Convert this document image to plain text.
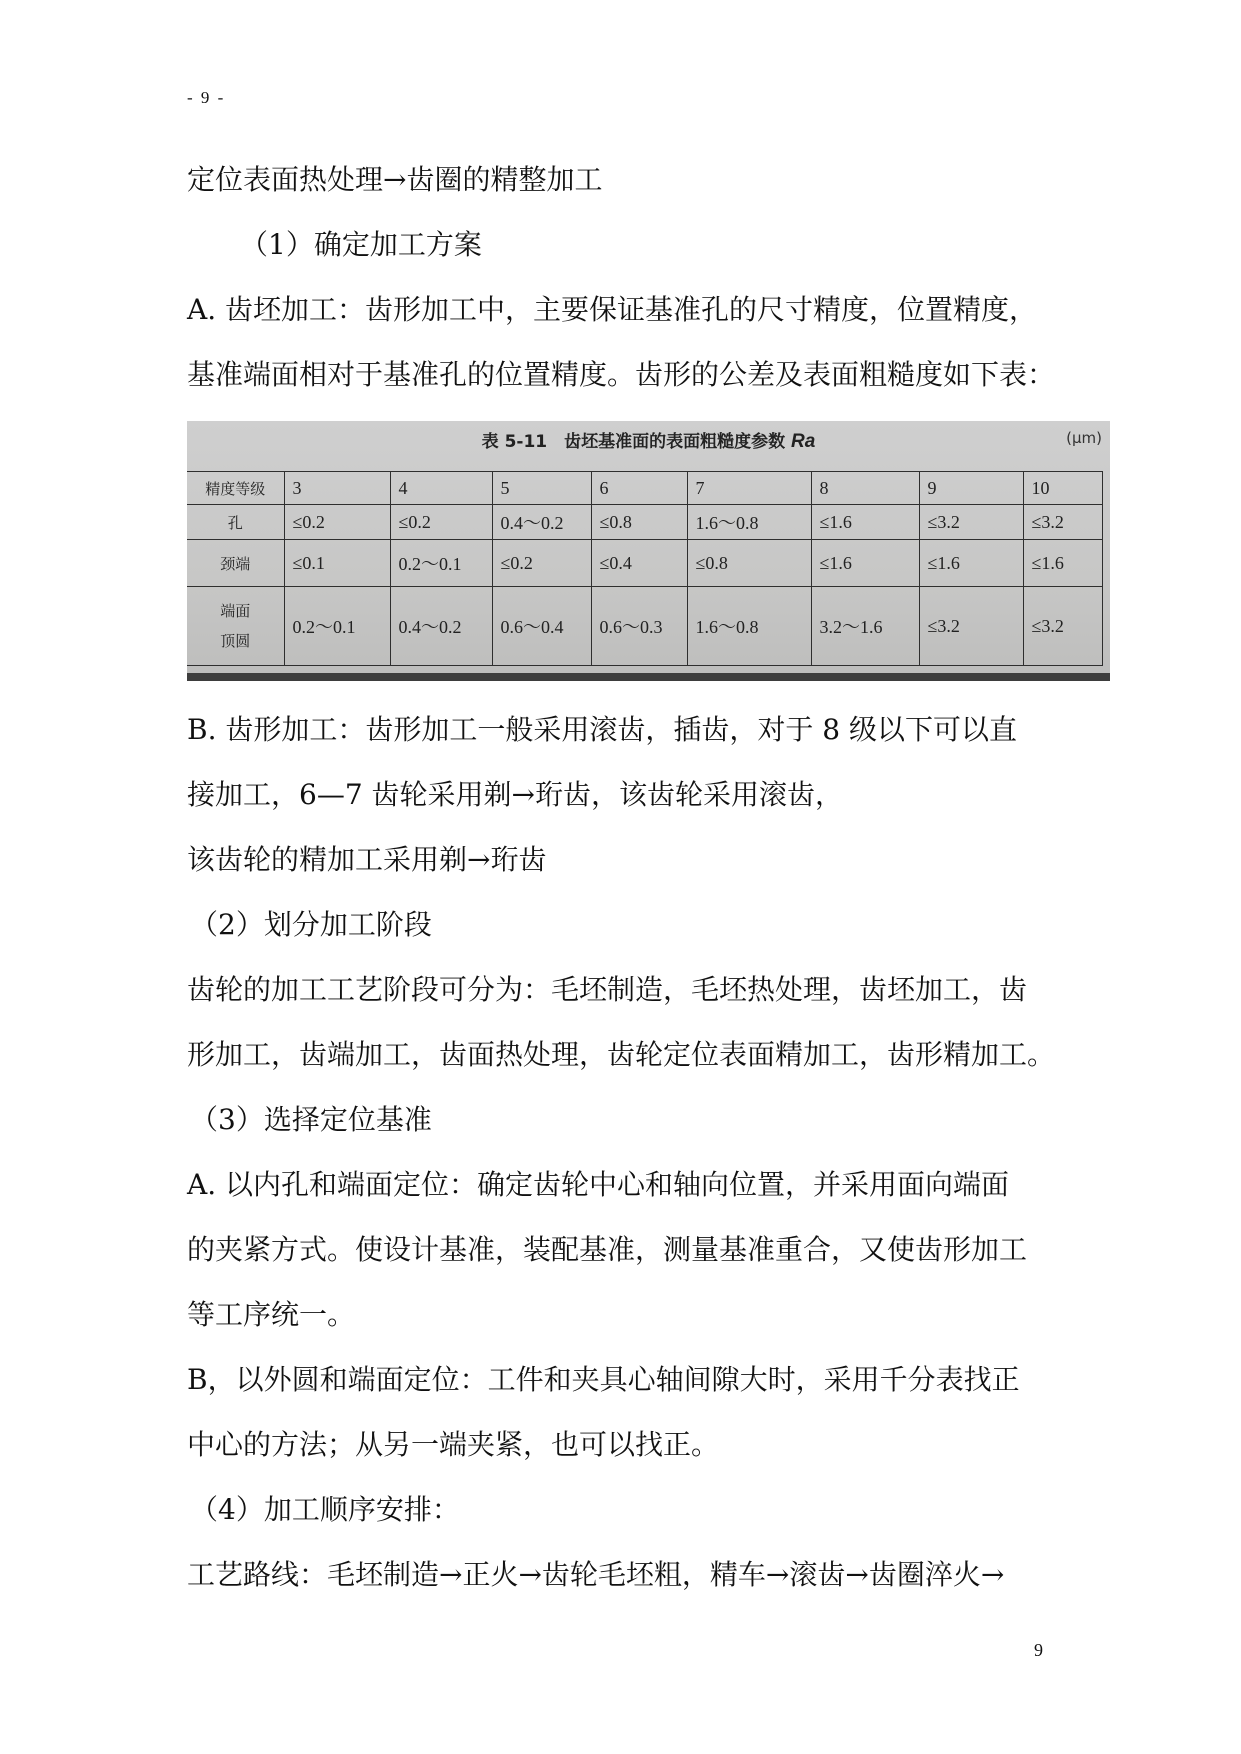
- 9 -

定位表面热处理→齿圈的精整加工

（1）确定加工方案

A. 齿坯加工：齿形加工中，主要保证基准孔的尺寸精度，位置精度，

基准端面相对于基准孔的位置精度。齿形的公差及表面粗糙度如下表：

表 5-11　齿坯基准面的表面粗糙度参数 Ra	(μm)
精度等级	3	4	5	6	7	8	9	10
孔	≤0.2	≤0.2	0.4～0.2	≤0.8	1.6～0.8	≤1.6	≤3.2	≤3.2
颈端	≤0.1	0.2～0.1	≤0.2	≤0.4	≤0.8	≤1.6	≤1.6	≤1.6

端面
顶圆	0.2～0.1	0.4～0.2	0.6～0.4	0.6～0.3	1.6～0.8	3.2～1.6	≤3.2	≤3.2

B. 齿形加工：齿形加工一般采用滚齿，插齿，对于 8 级以下可以直

接加工，6—7 齿轮采用剃→珩齿，该齿轮采用滚齿，

该齿轮的精加工采用剃→珩齿

（2）划分加工阶段

齿轮的加工工艺阶段可分为：毛坯制造，毛坯热处理，齿坯加工，齿

形加工，齿端加工，齿面热处理，齿轮定位表面精加工，齿形精加工。

（3）选择定位基准

A. 以内孔和端面定位：确定齿轮中心和轴向位置，并采用面向端面

的夹紧方式。使设计基准，装配基准，测量基准重合，又使齿形加工

等工序统一。

B，以外圆和端面定位：工件和夹具心轴间隙大时，采用千分表找正

中心的方法；从另一端夹紧，也可以找正。

（4）加工顺序安排：

工艺路线：毛坯制造→正火→齿轮毛坯粗，精车→滚齿→齿圈淬火→

9
